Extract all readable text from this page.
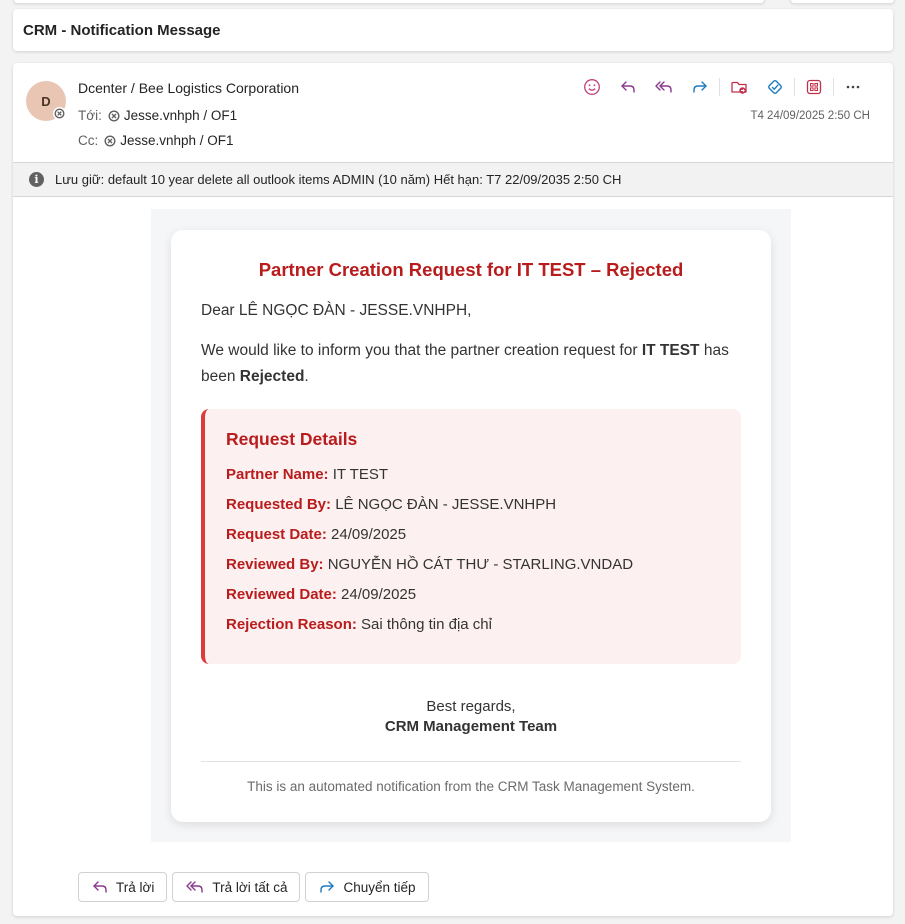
CRM - Notification Message
D
Dcenter / Bee Logistics Corporation
Tới: Jesse.vnhph / OF1
Cc: Jesse.vnhph / OF1
T4 24/09/2025 2:50 CH
i	Lưu giữ: default 10 year delete all outlook items ADMIN (10 năm) Hết hạn: T7 22/09/2035 2:50 CH
Partner Creation Request for IT TEST – Rejected

Dear LÊ NGỌC ĐÀN - JESSE.VNHPH,

We would like to inform you that the partner creation request for IT TEST has been Rejected.

Request Details
Partner Name: IT TEST
Requested By: LÊ NGỌC ĐÀN - JESSE.VNHPH
Request Date: 24/09/2025
Reviewed By: NGUYỄN HỒ CÁT THƯ - STARLING.VNDAD
Reviewed Date: 24/09/2025
Rejection Reason: Sai thông tin địa chỉ
Best regards,
CRM Management Team
This is an automated notification from the CRM Task Management System.
Trả lời	Trả lời tất cả	Chuyển tiếp
